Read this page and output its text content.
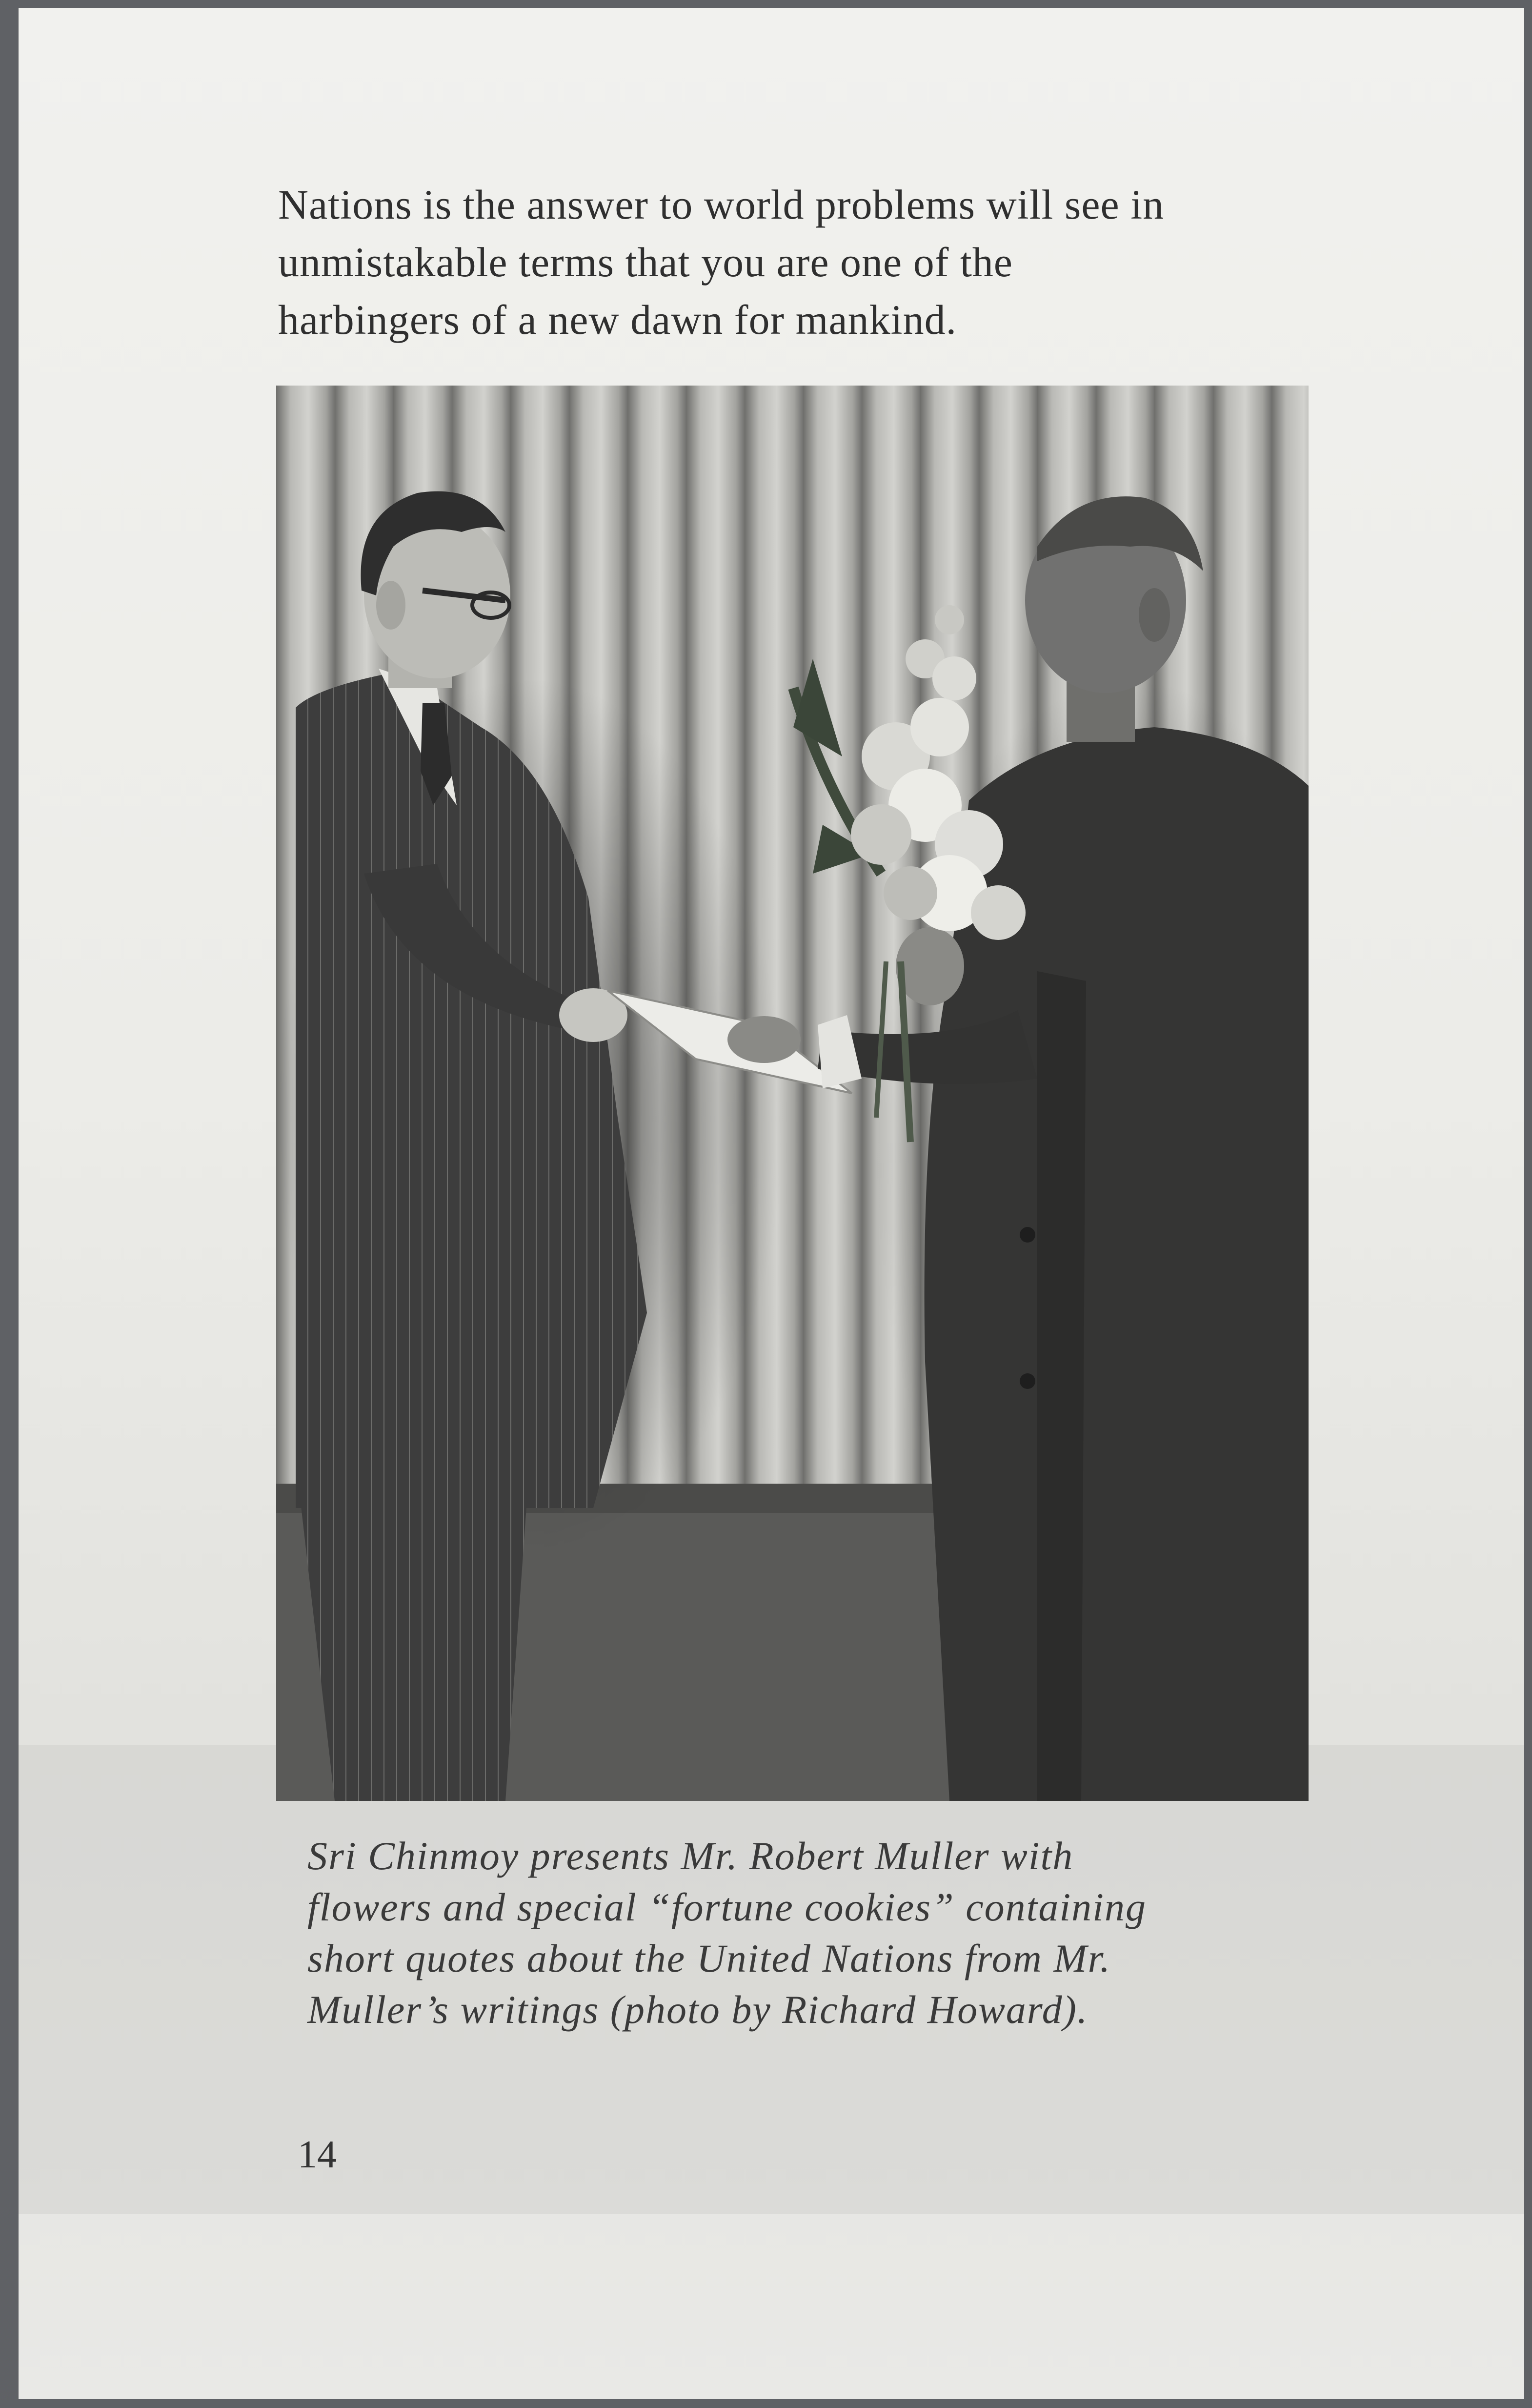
Nations is the answer to world problems will see in
unmistakable terms that you are one of the
harbingers of a new dawn for mankind.

Sri Chinmoy presents Mr. Robert Muller with
flowers and special “fortune cookies” containing
short quotes about the United Nations from Mr.
Muller’s writings (photo by Richard Howard).

14
